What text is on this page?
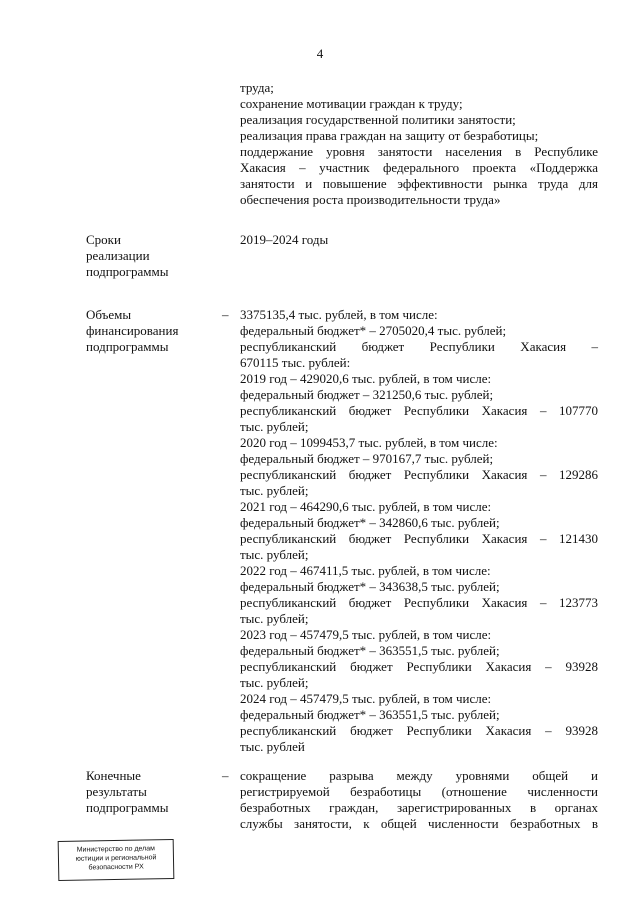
4
труда;
сохранение мотивации граждан к труду;
реализация государственной политики занятости;
реализация права граждан на защиту от безработицы;
поддержание уровня занятости населения в Республике
Хакасия – участник федерального проекта «Поддержка
занятости и повышение эффективности рынка труда для
обеспечения роста производительности труда»
Сроки
реализации
подпрограммы
2019–2024 годы
Объемы
финансирования
подпрограммы
– 3375135,4 тыс. рублей, в том числе:
федеральный бюджет* – 2705020,4 тыс. рублей;
республиканский бюджет Республики Хакасия –
670115 тыс. рублей:
2019 год – 429020,6 тыс. рублей, в том числе:
федеральный бюджет – 321250,6 тыс. рублей;
республиканский бюджет Республики Хакасия – 107770
тыс. рублей;
2020 год – 1099453,7 тыс. рублей, в том числе:
федеральный бюджет – 970167,7 тыс. рублей;
республиканский бюджет Республики Хакасия – 129286
тыс. рублей;
2021 год – 464290,6 тыс. рублей, в том числе:
федеральный бюджет* – 342860,6 тыс. рублей;
республиканский бюджет Республики Хакасия – 121430
тыс. рублей;
2022 год – 467411,5 тыс. рублей, в том числе:
федеральный бюджет* – 343638,5 тыс. рублей;
республиканский бюджет Республики Хакасия – 123773
тыс. рублей;
2023 год – 457479,5 тыс. рублей, в том числе:
федеральный бюджет* – 363551,5 тыс. рублей;
республиканский бюджет Республики Хакасия – 93928
тыс. рублей;
2024 год – 457479,5 тыс. рублей, в том числе:
федеральный бюджет* – 363551,5 тыс. рублей;
республиканский бюджет Республики Хакасия – 93928
тыс. рублей
Конечные
результаты
подпрограммы
– сокращение разрыва между уровнями общей и
регистрируемой безработицы (отношение численности
безработных граждан, зарегистрированных в органах
службы занятости, к общей численности безработных в
Министерство по делам
юстиции и региональной
безопасности РХ
